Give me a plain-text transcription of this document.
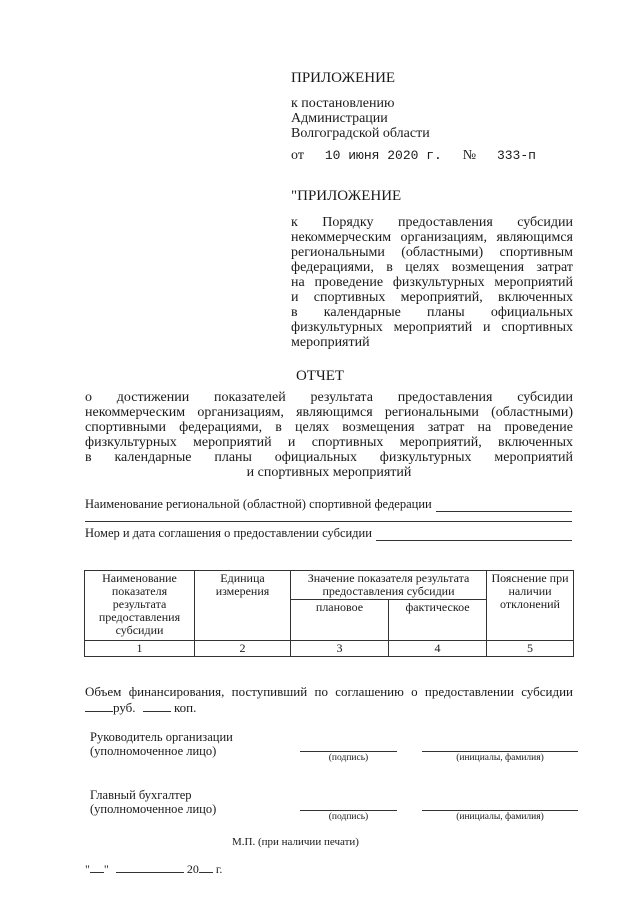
ПРИЛОЖЕНИЕ
к постановлению
Администрации
Волгоградской области
от 10 июня 2020 г. № 333-п
"ПРИЛОЖЕНИЕ
к Порядку предоставления субсидии
некоммерческим организациям, являющимся
региональными (областными) спортивным
федерациями, в целях возмещения затрат
на проведение физкультурных мероприятий
и спортивных мероприятий, включенных
в календарные планы официальных
физкультурных мероприятий и спортивных
мероприятий
ОТЧЕТ
о достижении показателей результата предоставления субсидии
некоммерческим организациям, являющимся региональными (областными)
спортивными федерациями, в целях возмещения затрат на проведение
физкультурных мероприятий и спортивных мероприятий, включенных
в календарные планы официальных физкультурных мероприятий
и спортивных мероприятий
Наименование региональной (областной) спортивной федерации
Номер и дата соглашения о предоставлении субсидии
Наименование показателя результата предоставления субсидии	Единица измерения	Значение показателя результата предоставления субсидии		Пояснение при наличии отклонений
		плановое	фактическое	
1	2	3	4	5
Объем финансирования, поступивший по соглашению о предоставлении субсидии
руб.	коп.
Руководитель организации
(уполномоченное лицо)	(подпись)	(инициалы, фамилия)
Главный бухгалтер
(уполномоченное лицо)
(подпись)	(инициалы, фамилия)
М.П. (при наличии печати)
" "	20 г.
